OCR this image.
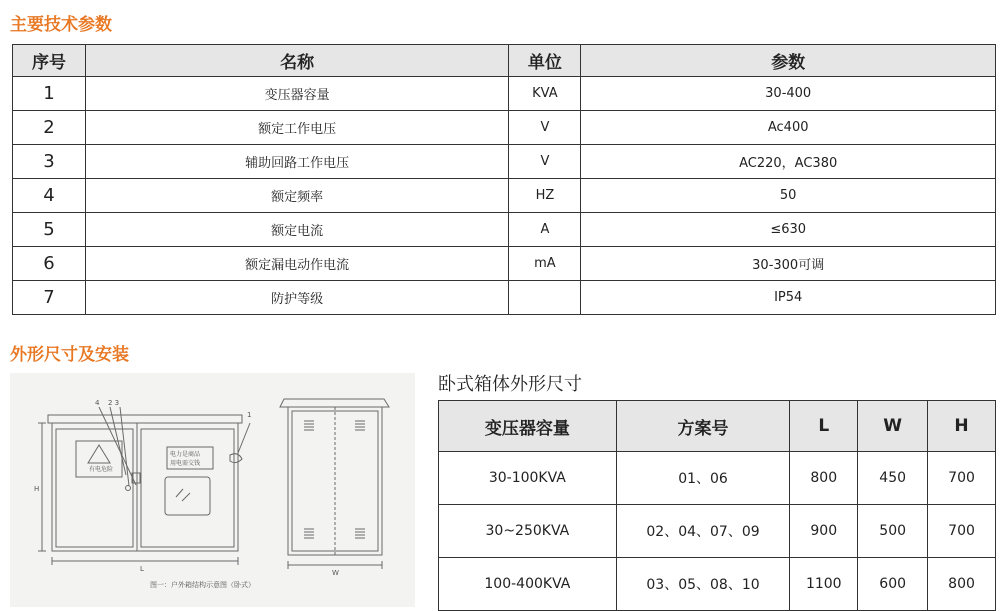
主要技术参数
序号	名称	单位	参数
1	变压器容量	KVA	30-400
2	额定工作电压	V	Ac400
3	辅助回路工作电压	V	AC220，AC380
4	额定频率	HZ	50
5	额定电流	A	≤630
6	额定漏电动作电流	mA	30-300可调
7	防护等级		IP54
外形尺寸及安装
有电危险
电力是商品
用电需交钱
4 2 3
1
H
L	W
图一：户外箱结构示意图（卧式）
卧式箱体外形尺寸
变压器容量	方案号	L	W	H
30-100KVA	01、06	800	450	700
30~250KVA	02、04、07、09	900	500	700
100-400KVA	03、05、08、10	1100	600	800
